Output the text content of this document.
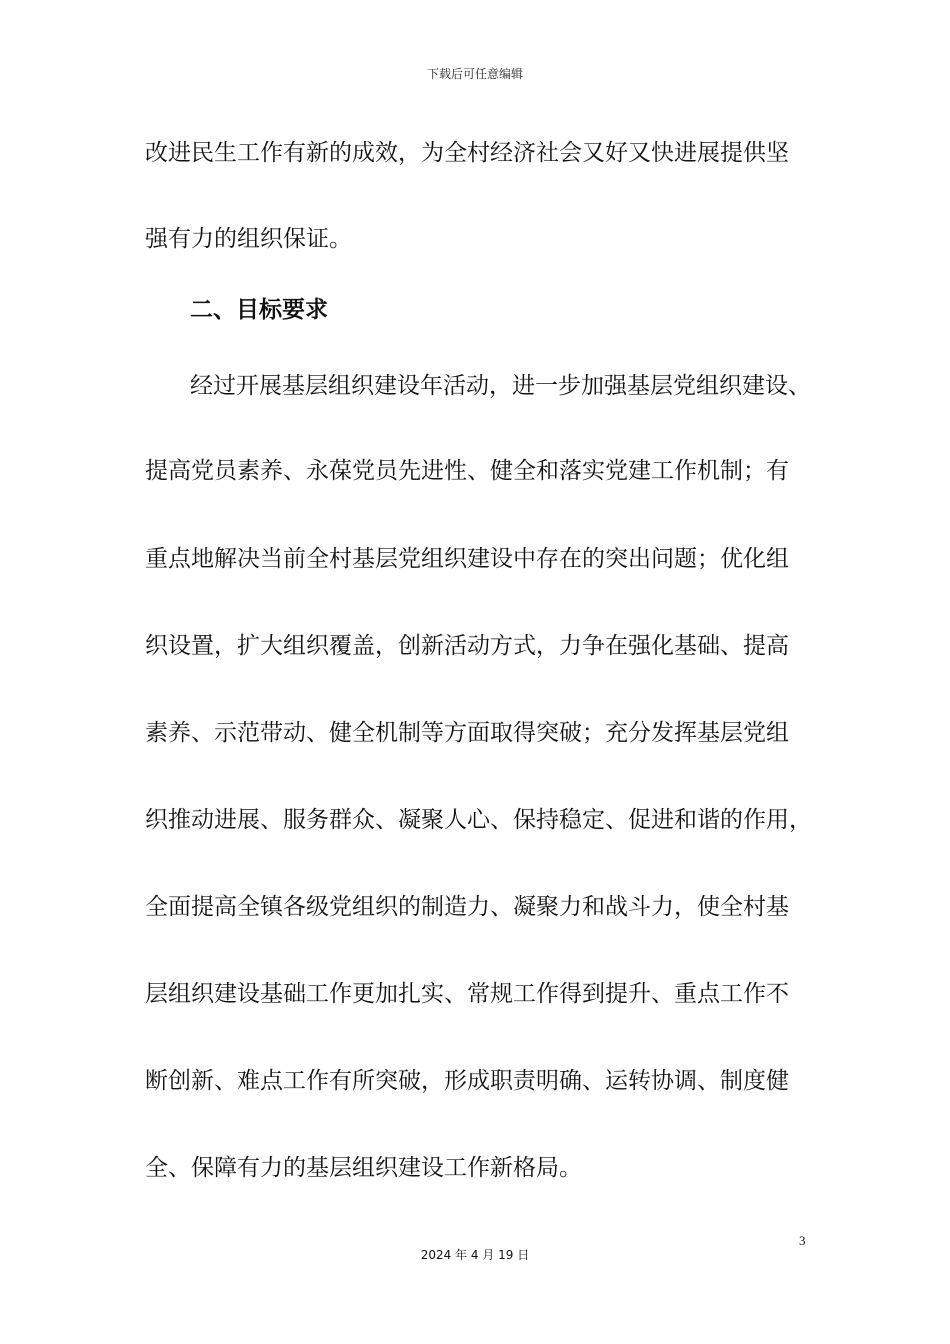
下载后可任意编辑
改进民生工作有新的成效，为全村经济社会又好又快进展提供坚
强有力的组织保证。
二、目标要求
经过开展基层组织建设年活动，进一步加强基层党组织建设、
提高党员素养、永葆党员先进性、健全和落实党建工作机制；有
重点地解决当前全村基层党组织建设中存在的突出问题；优化组
织设置，扩大组织覆盖，创新活动方式，力争在强化基础、提高
素养、示范带动、健全机制等方面取得突破；充分发挥基层党组
织推动进展、服务群众、凝聚人心、保持稳定、促进和谐的作用，
全面提高全镇各级党组织的制造力、凝聚力和战斗力，使全村基
层组织建设基础工作更加扎实、常规工作得到提升、重点工作不
断创新、难点工作有所突破，形成职责明确、运转协调、制度健
全、保障有力的基层组织建设工作新格局。
3
2024 年 4 月 19 日
